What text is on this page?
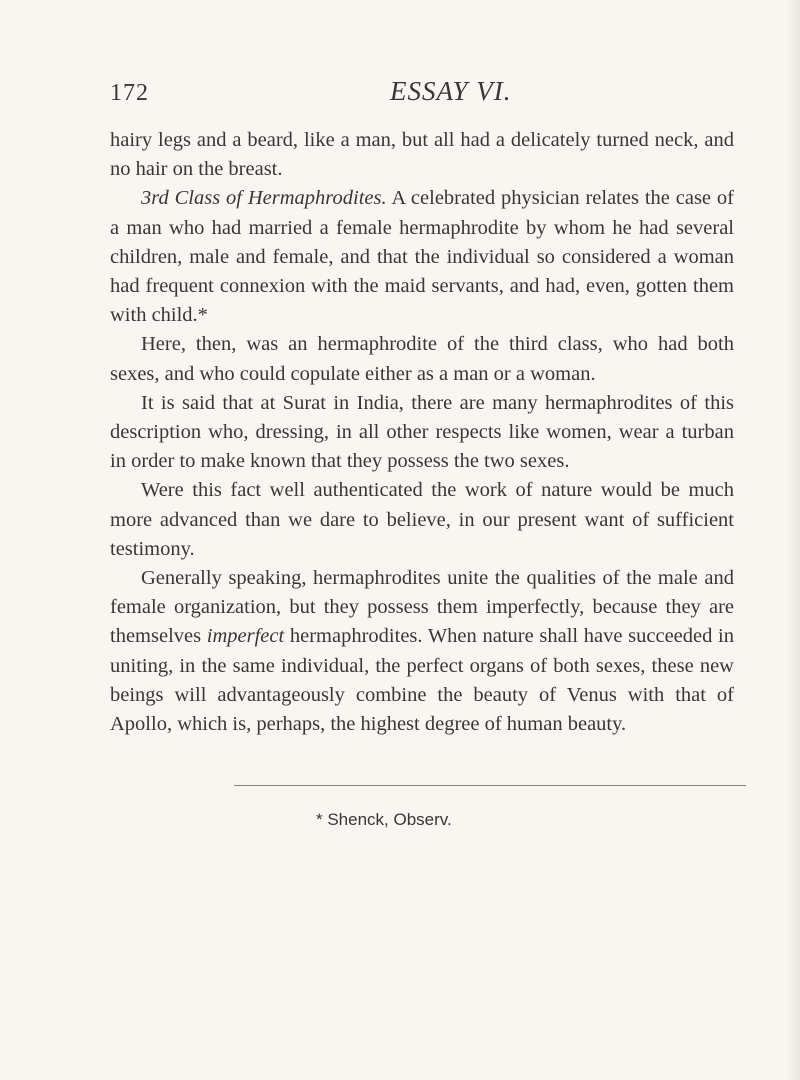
172	ESSAY VI.

hairy legs and a beard, like a man, but all had a delicately turned neck, and no hair on the breast.

3rd Class of Hermaphrodites. A celebrated physician relates the case of a man who had married a female hermaphrodite by whom he had several children, male and female, and that the individual so considered a woman had frequent connexion with the maid servants, and had, even, gotten them with child.*

Here, then, was an hermaphrodite of the third class, who had both sexes, and who could copulate either as a man or a woman.

It is said that at Surat in India, there are many hermaphrodites of this description who, dressing, in all other respects like women, wear a turban in order to make known that they possess the two sexes.

Were this fact well authenticated the work of nature would be much more advanced than we dare to believe, in our present want of sufficient testimony.

Generally speaking, hermaphrodites unite the qualities of the male and female organization, but they possess them imperfectly, because they are themselves imperfect hermaphrodites. When nature shall have succeeded in uniting, in the same individual, the perfect organs of both sexes, these new beings will advantageously combine the beauty of Venus with that of Apollo, which is, perhaps, the highest degree of human beauty.

* Shenck, Observ.
